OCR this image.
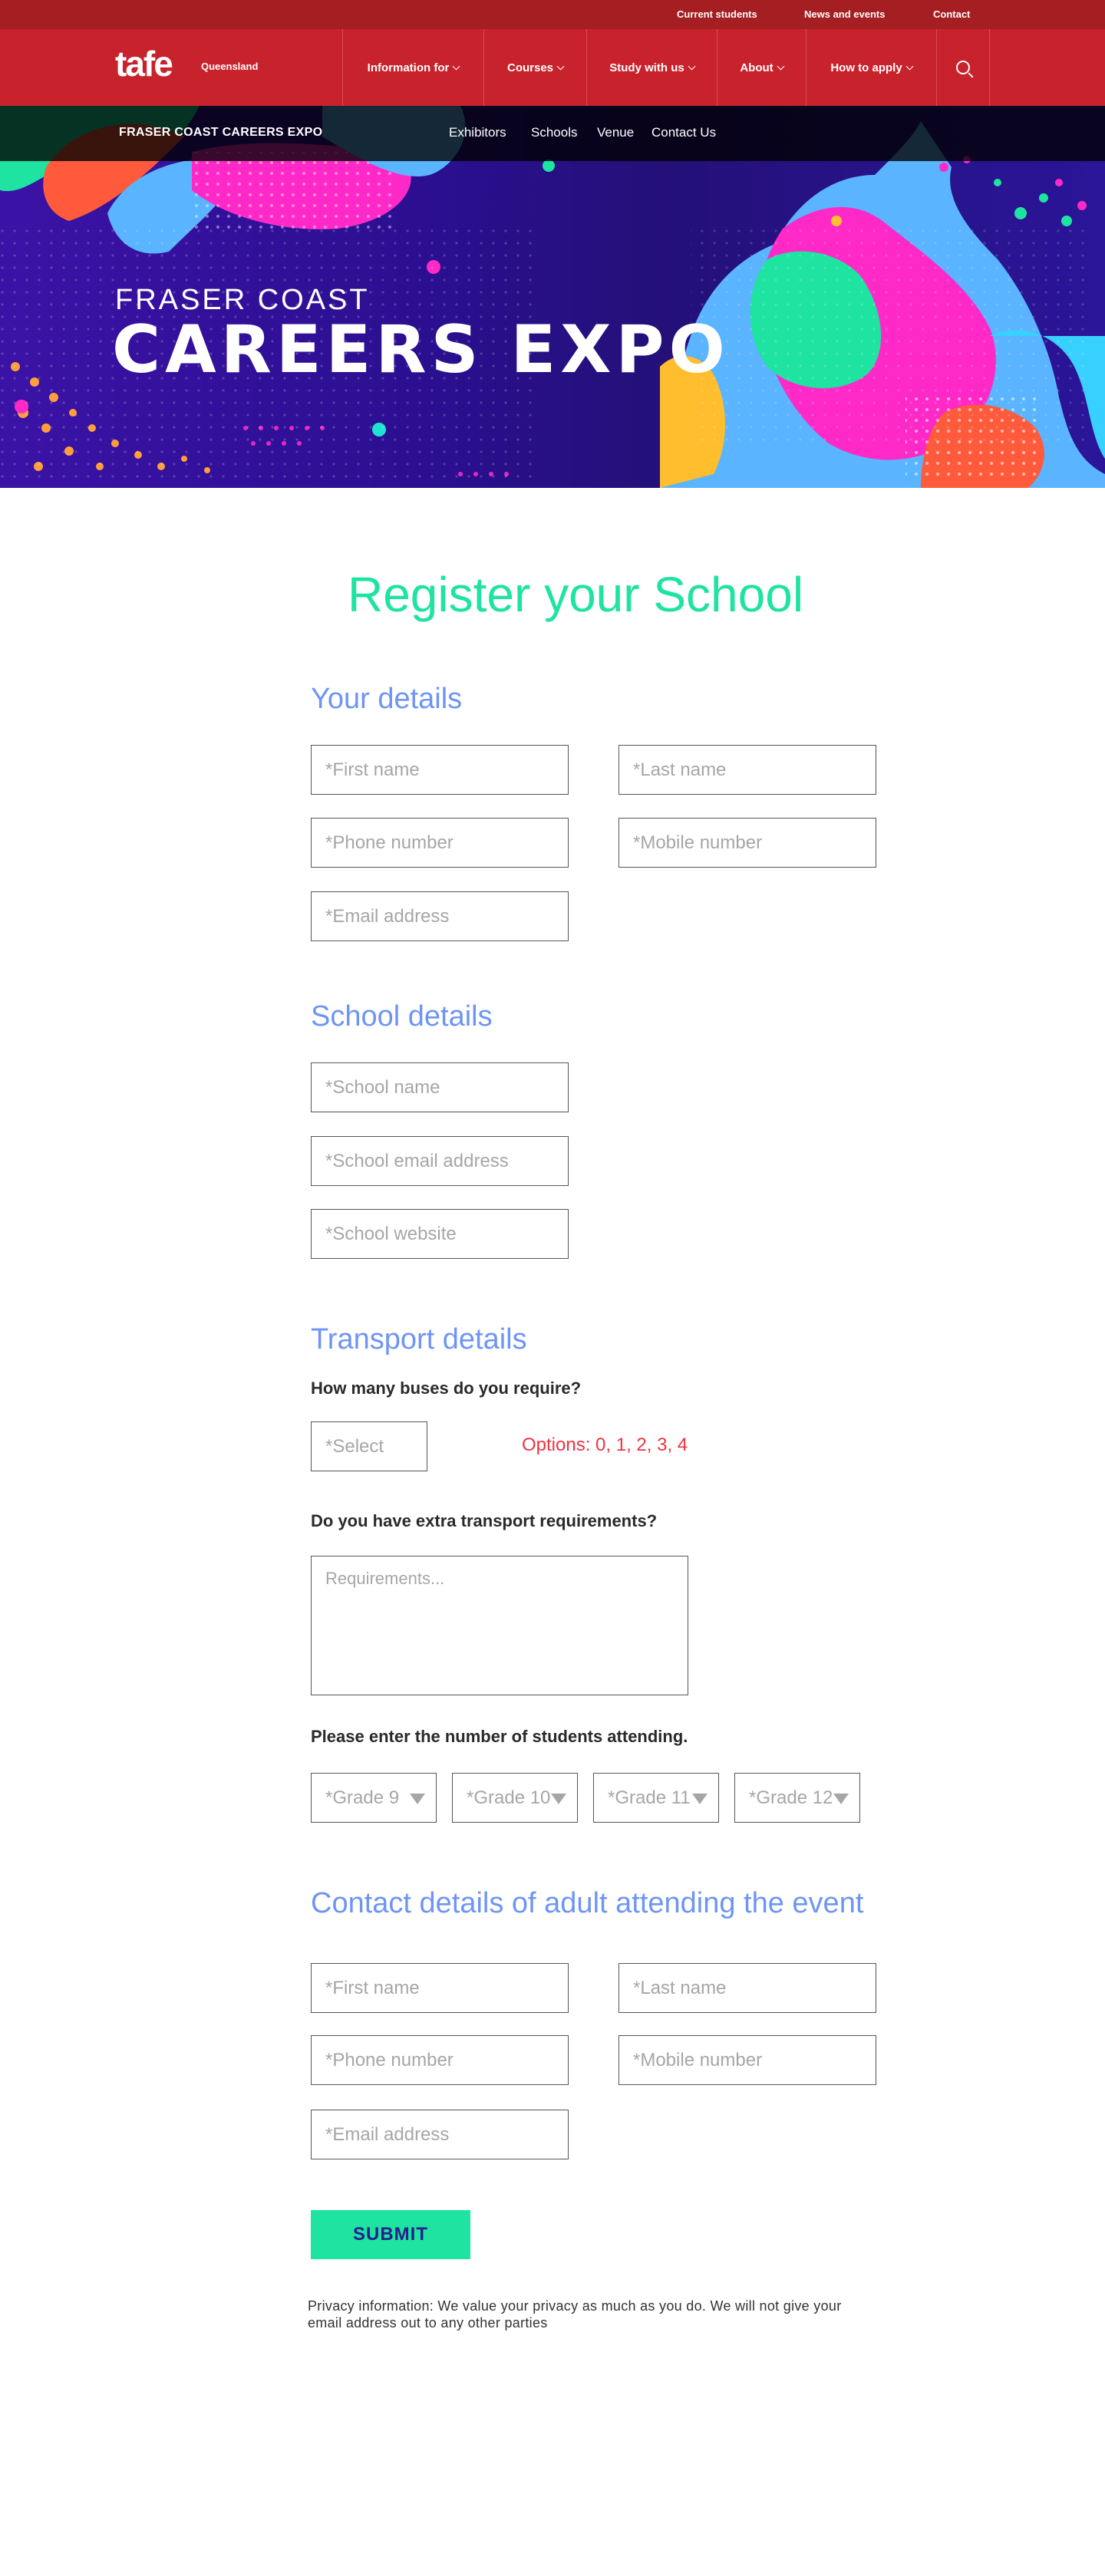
Current students	News and events	Contact
tafe	Queensland	Information for	Courses	Study with us	About	How to apply
FRASER COAST
CAREERS EXPO
FRASER COAST CAREERS EXPO	Exhibitors Schools Venue Contact Us
Register your School
Your details
*First name
*Last name
*Phone number
*Mobile number
*Email address
School details
*School name
*School email address
*School website
Transport details
How many buses do you require?
*Select	Options: 0, 1, 2, 3, 4
Do you have extra transport requirements?
Requirements...
Please enter the number of students attending.
*Grade 9	*Grade 10	*Grade 11	*Grade 12
Contact details of adult attending the event
*First name
*Last name
*Phone number
*Mobile number
*Email address
SUBMIT

Privacy information: We value your privacy as much as you do. We will not give your email address out to any other parties
